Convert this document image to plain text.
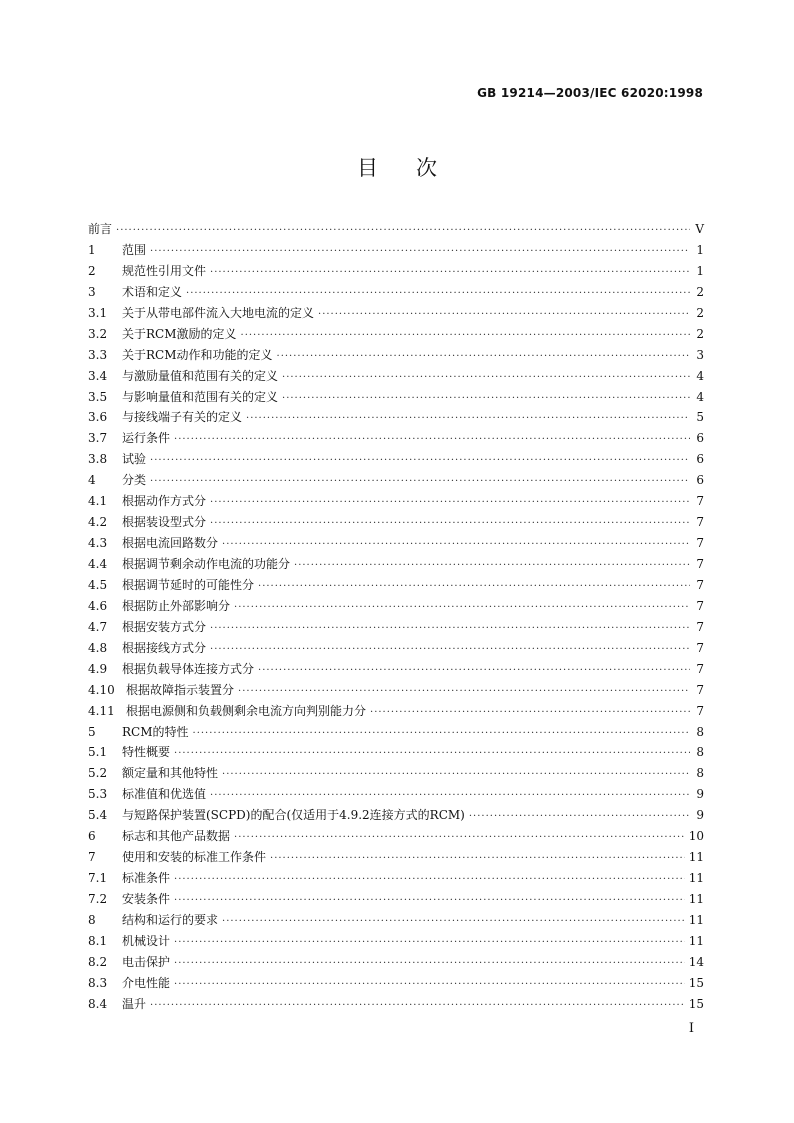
GB 19214—2003/IEC 62020:1998
目次
前言 ·····	V
1 范围 ·····	1
2 规范性引用文件 ·····	1
3 术语和定义 ·····	2
3.1 关于从带电部件流入大地电流的定义 ·····	2
3.2 关于RCM激励的定义 ·····	2
3.3 关于RCM动作和功能的定义 ·····	3
3.4 与激励量值和范围有关的定义 ·····	4
3.5 与影响量值和范围有关的定义 ·····	4
3.6 与接线端子有关的定义 ·····	5
3.7 运行条件 ·····	6
3.8 试验 ·····	6
4 分类 ·····	6
4.1 根据动作方式分 ·····	7
4.2 根据装设型式分 ·····	7
4.3 根据电流回路数分 ·····	7
4.4 根据调节剩余动作电流的功能分 ·····	7
4.5 根据调节延时的可能性分 ·····	7
4.6 根据防止外部影响分 ·····	7
4.7 根据安装方式分 ·····	7
4.8 根据接线方式分 ·····	7
4.9 根据负载导体连接方式分 ·····	7
4.10 根据故障指示装置分 ·····	7
4.11 根据电源侧和负载侧剩余电流方向判别能力分 ·····	7
5 RCM的特性 ·····	8
5.1 特性概要 ·····	8
5.2 额定量和其他特性 ·····	8
5.3 标准值和优选值 ·····	9
5.4 与短路保护装置(SCPD)的配合(仅适用于4.9.2连接方式的RCM) ·····	9
6 标志和其他产品数据 ·····	10
7 使用和安装的标准工作条件 ·····	11
7.1 标准条件 ·····	11
7.2 安装条件 ·····	11
8 结构和运行的要求 ·····	11
8.1 机械设计 ·····	11
8.2 电击保护 ·····	14
8.3 介电性能 ·····	15
8.4 温升 ·····	15
I
